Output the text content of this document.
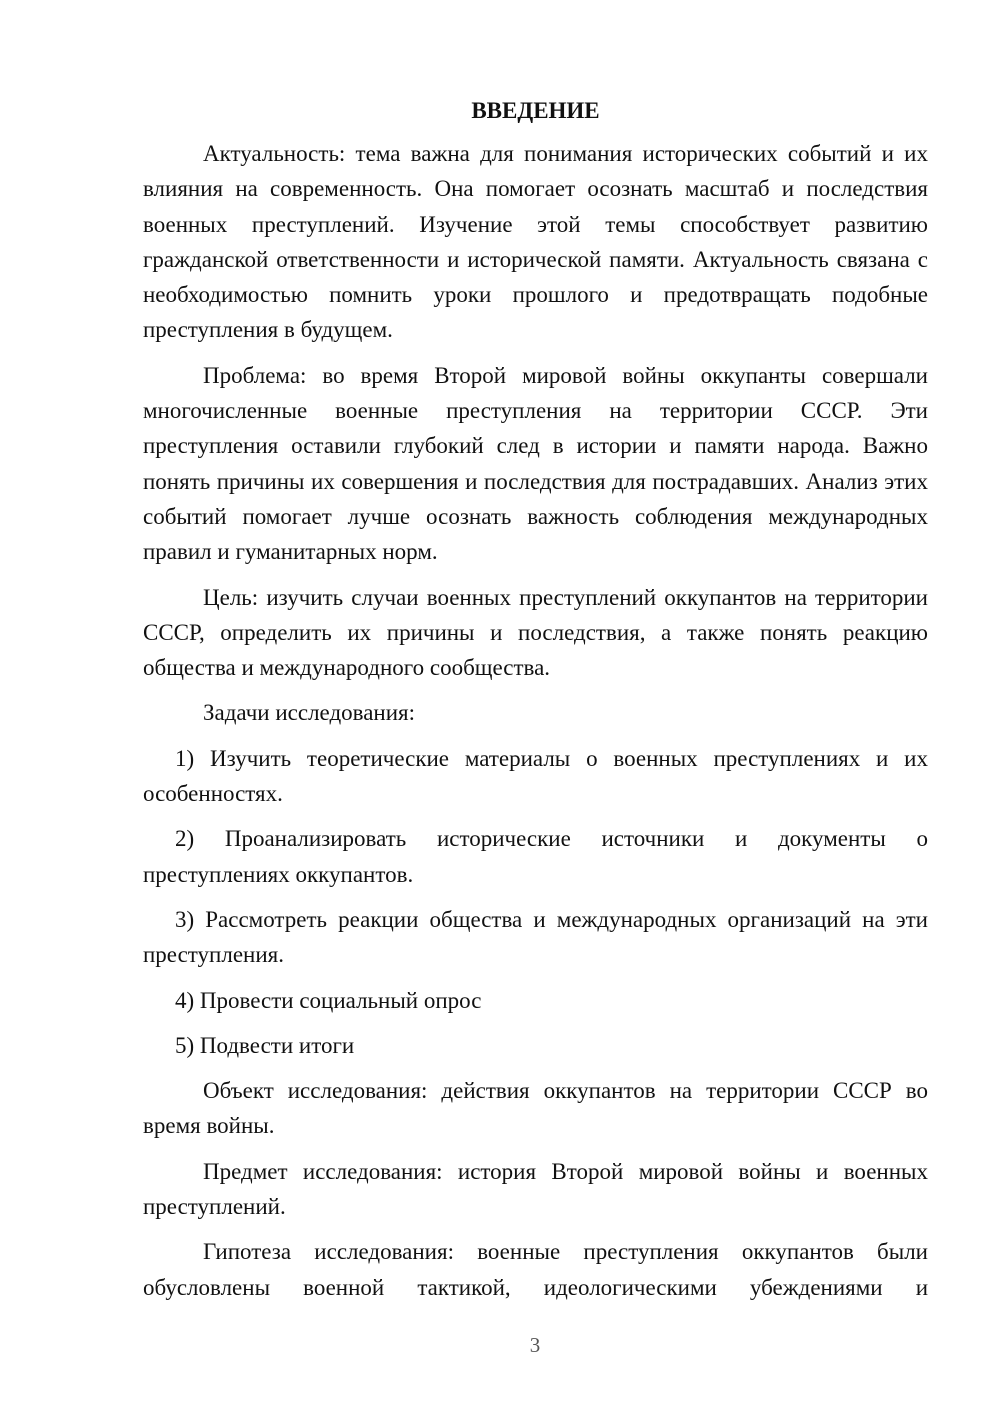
ВВЕДЕНИЕ

Актуальность: тема важна для понимания исторических событий и их влияния на современность. Она помогает осознать масштаб и последствия военных преступлений. Изучение этой темы способствует развитию гражданской ответственности и исторической памяти. Актуальность связана с необходимостью помнить уроки прошлого и предотвращать подобные преступления в будущем.

Проблема: во время Второй мировой войны оккупанты совершали многочисленные военные преступления на территории СССР. Эти преступления оставили глубокий след в истории и памяти народа. Важно понять причины их совершения и последствия для пострадавших. Анализ этих событий помогает лучше осознать важность соблюдения международных правил и гуманитарных норм.

Цель: изучить случаи военных преступлений оккупантов на территории СССР, определить их причины и последствия, а также понять реакцию общества и международного сообщества.

Задачи исследования:

1) Изучить теоретические материалы о военных преступлениях и их особенностях.

2) Проанализировать исторические источники и документы о преступлениях оккупантов.

3) Рассмотреть реакции общества и международных организаций на эти преступления.

4) Провести социальный опрос

5) Подвести итоги

Объект исследования: действия оккупантов на территории СССР во время войны.

Предмет исследования: история Второй мировой войны и военных преступлений.

Гипотеза исследования: военные преступления оккупантов были обусловлены военной тактикой, идеологическими убеждениями и

3
